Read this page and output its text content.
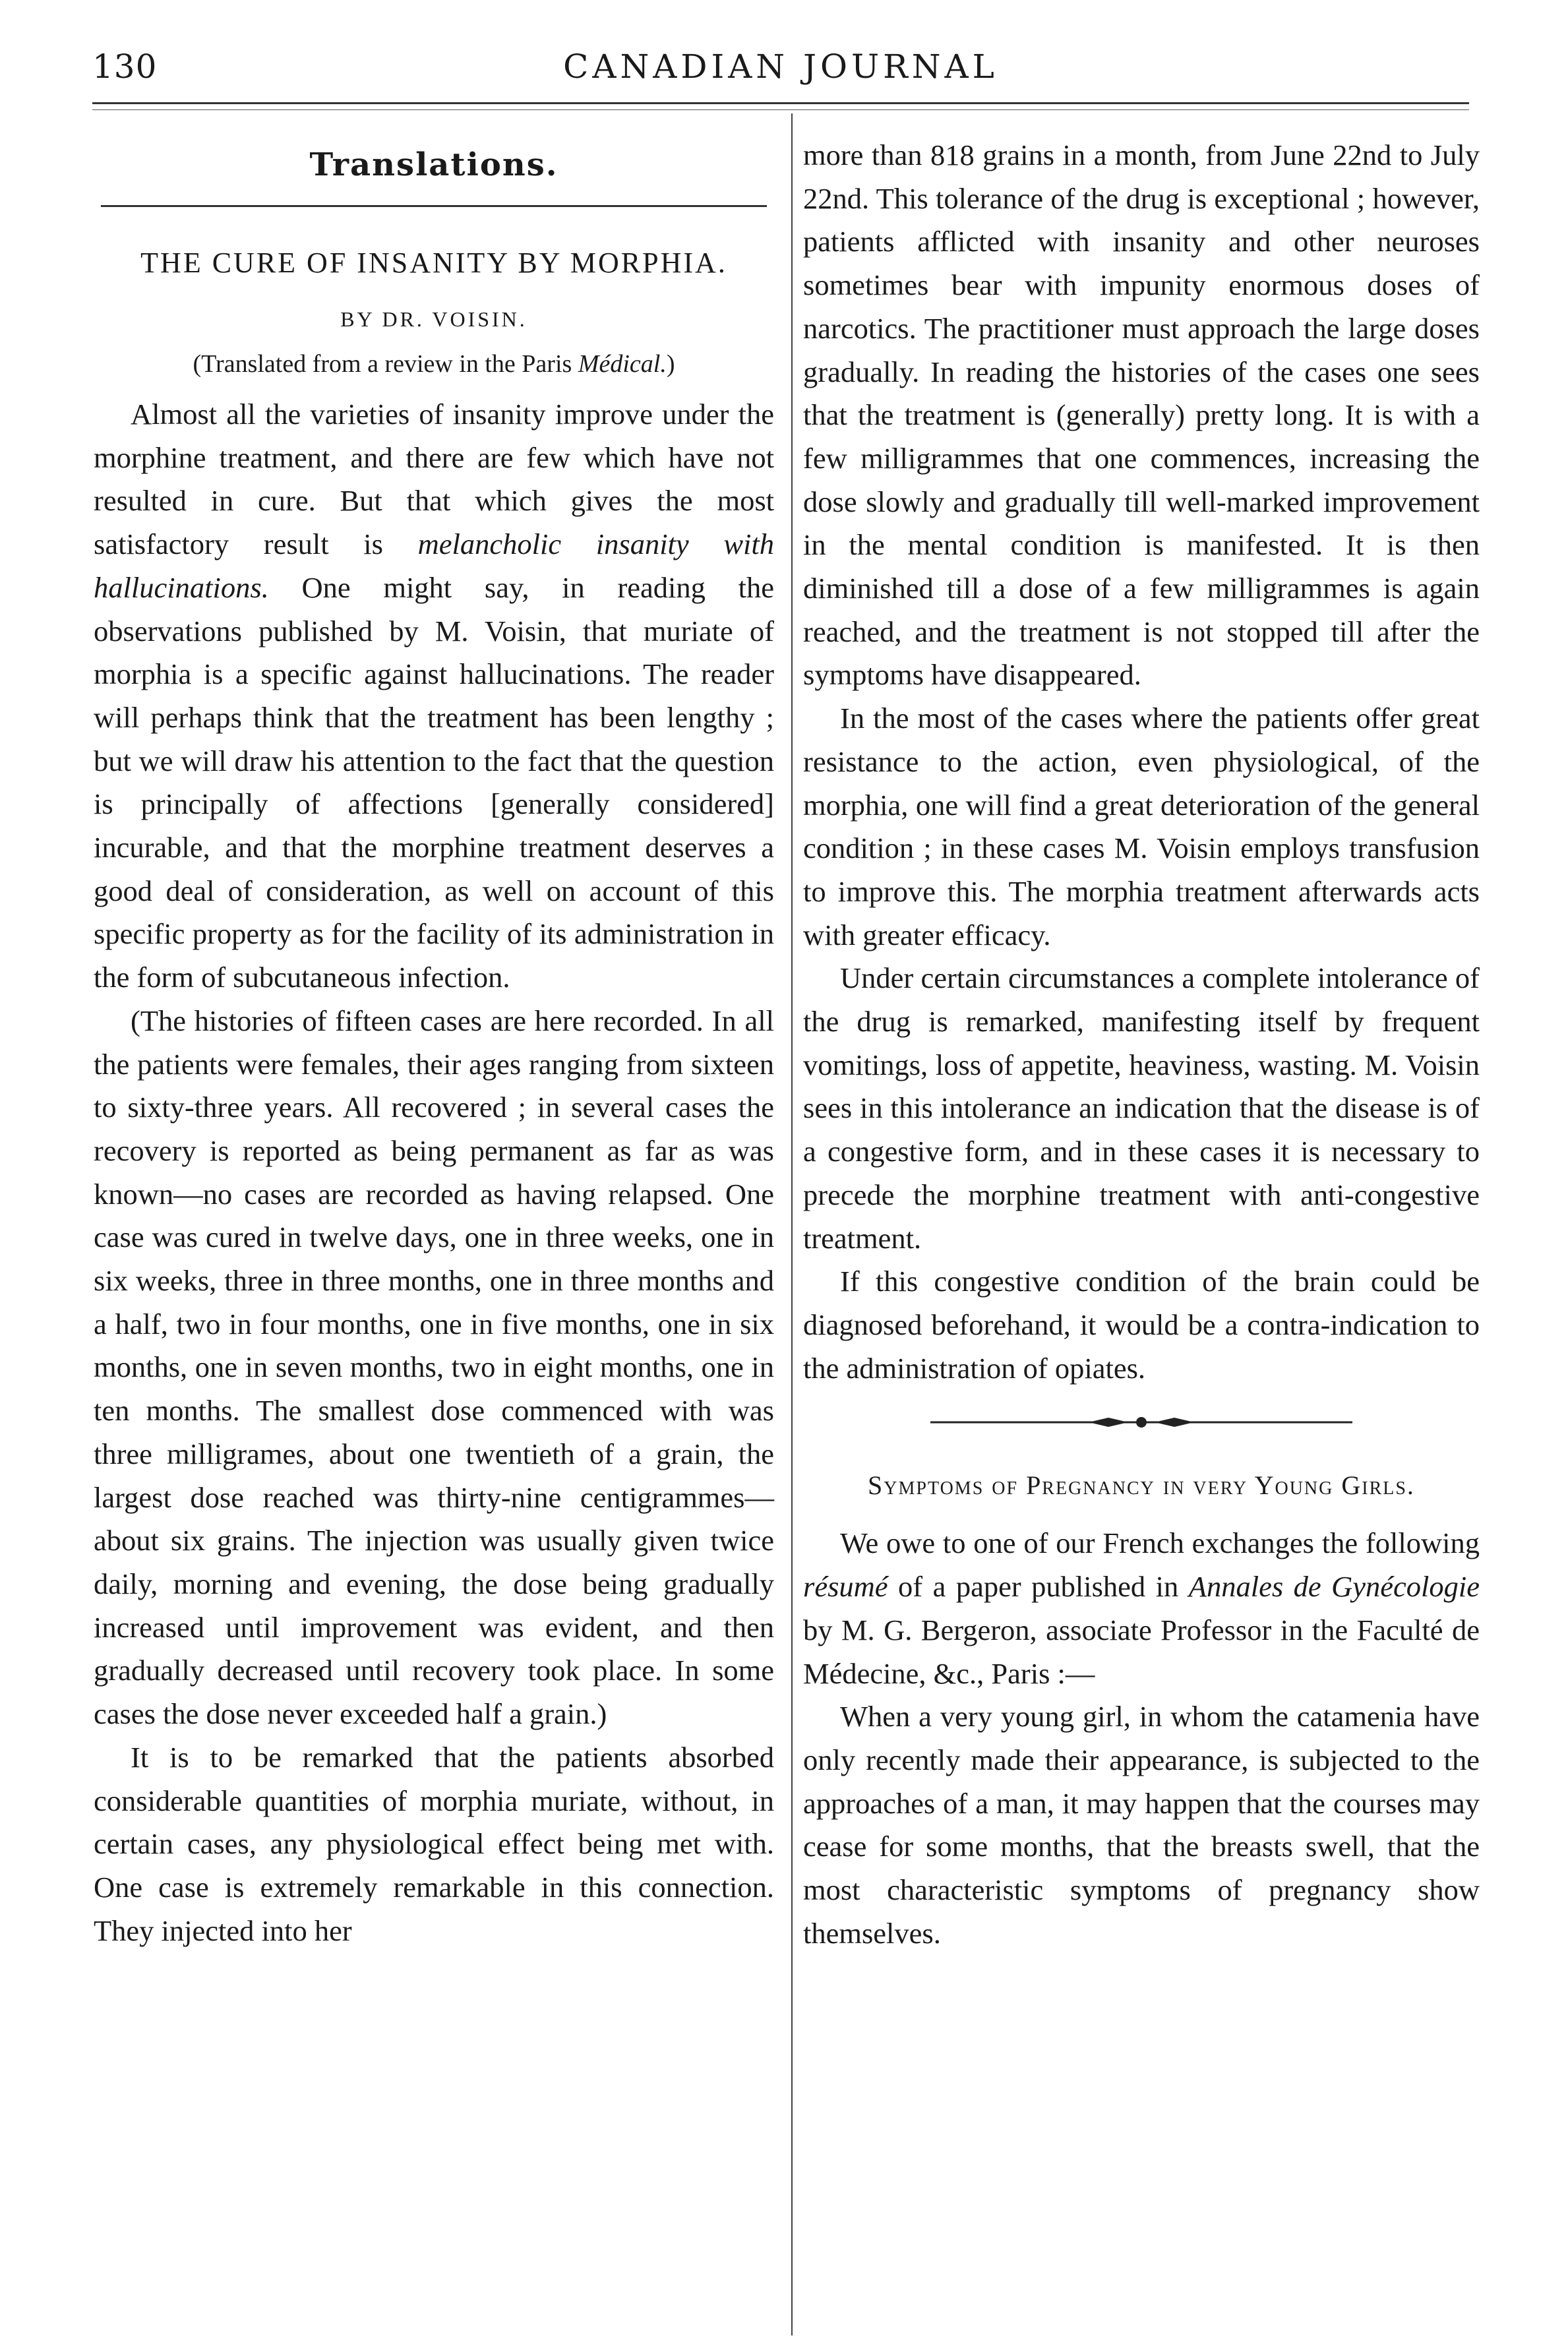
130	CANADIAN JOURNAL
Translations.
THE CURE OF INSANITY BY MORPHIA.
BY DR. VOISIN.
(Translated from a review in the Paris Médical.)

Almost all the varieties of insanity improve under the morphine treatment, and there are few which have not resulted in cure. But that which gives the most satisfactory result is melancholic insanity with hallucinations. One might say, in reading the observations published by M. Voisin, that muriate of morphia is a specific against hallucinations. The reader will perhaps think that the treatment has been lengthy ; but we will draw his attention to the fact that the question is principally of affections [generally considered] incurable, and that the morphine treatment deserves a good deal of consideration, as well on account of this specific property as for the facility of its administration in the form of subcutaneous infection.

(The histories of fifteen cases are here recorded. In all the patients were females, their ages ranging from sixteen to sixty-three years. All recovered ; in several cases the recovery is reported as being permanent as far as was known—no cases are recorded as having relapsed. One case was cured in twelve days, one in three weeks, one in six weeks, three in three months, one in three months and a half, two in four months, one in five months, one in six months, one in seven months, two in eight months, one in ten months. The smallest dose commenced with was three milligrames, about one twentieth of a grain, the largest dose reached was thirty-nine centigrammes—about six grains. The injection was usually given twice daily, morning and evening, the dose being gradually increased until improvement was evident, and then gradually decreased until recovery took place. In some cases the dose never exceeded half a grain.)

It is to be remarked that the patients absorbed considerable quantities of morphia muriate, without, in certain cases, any physiological effect being met with. One case is extremely remarkable in this connection. They injected into her

more than 818 grains in a month, from June 22nd to July 22nd. This tolerance of the drug is exceptional ; however, patients afflicted with insanity and other neuroses sometimes bear with impunity enormous doses of narcotics. The practitioner must approach the large doses gradually. In reading the histories of the cases one sees that the treatment is (generally) pretty long. It is with a few milligrammes that one commences, increasing the dose slowly and gradually till well-marked improvement in the mental condition is manifested. It is then diminished till a dose of a few milligrammes is again reached, and the treatment is not stopped till after the symptoms have disappeared.

In the most of the cases where the patients offer great resistance to the action, even physiological, of the morphia, one will find a great deterioration of the general condition ; in these cases M. Voisin employs transfusion to improve this. The morphia treatment afterwards acts with greater efficacy.

Under certain circumstances a complete intolerance of the drug is remarked, manifesting itself by frequent vomitings, loss of appetite, heaviness, wasting. M. Voisin sees in this intolerance an indication that the disease is of a congestive form, and in these cases it is necessary to precede the morphine treatment with anti-congestive treatment.

If this congestive condition of the brain could be diagnosed beforehand, it would be a contra-indication to the administration of opiates.

Symptoms of Pregnancy in very Young Girls.

We owe to one of our French exchanges the following résumé of a paper published in Annales de Gynécologie by M. G. Bergeron, associate Professor in the Faculté de Médecine, &c., Paris :—

When a very young girl, in whom the catamenia have only recently made their appearance, is subjected to the approaches of a man, it may happen that the courses may cease for some months, that the breasts swell, that the most characteristic symptoms of pregnancy show themselves.
